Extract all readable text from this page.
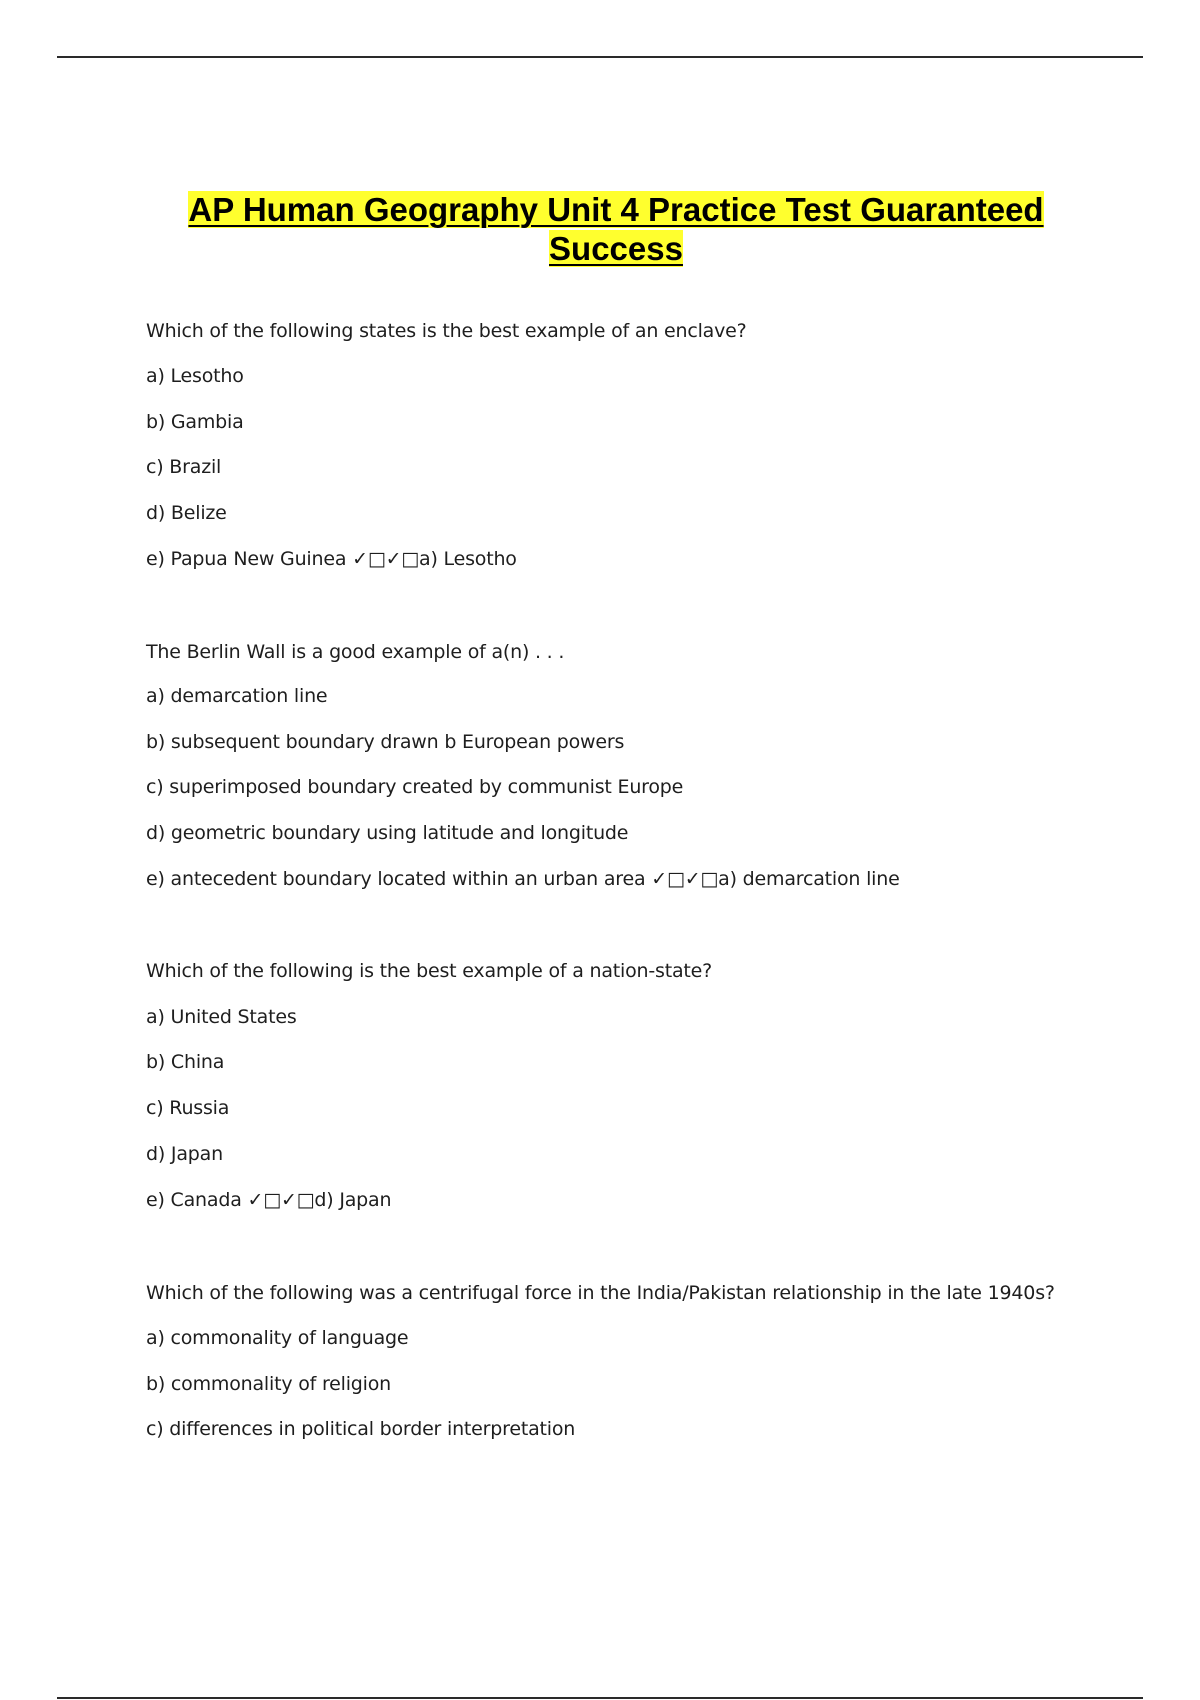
AP Human Geography Unit 4 Practice Test Guaranteed
Success
Which of the following states is the best example of an enclave?
a) Lesotho
b) Gambia
c) Brazil
d) Belize
e) Papua New Guinea ✓□✓□a) Lesotho
The Berlin Wall is a good example of a(n) . . .
a) demarcation line
b) subsequent boundary drawn b European powers
c) superimposed boundary created by communist Europe
d) geometric boundary using latitude and longitude
e) antecedent boundary located within an urban area ✓□✓□a) demarcation line
Which of the following is the best example of a nation-state?
a) United States
b) China
c) Russia
d) Japan
e) Canada ✓□✓□d) Japan
Which of the following was a centrifugal force in the India/Pakistan relationship in the late 1940s?
a) commonality of language
b) commonality of religion
c) differences in political border interpretation
